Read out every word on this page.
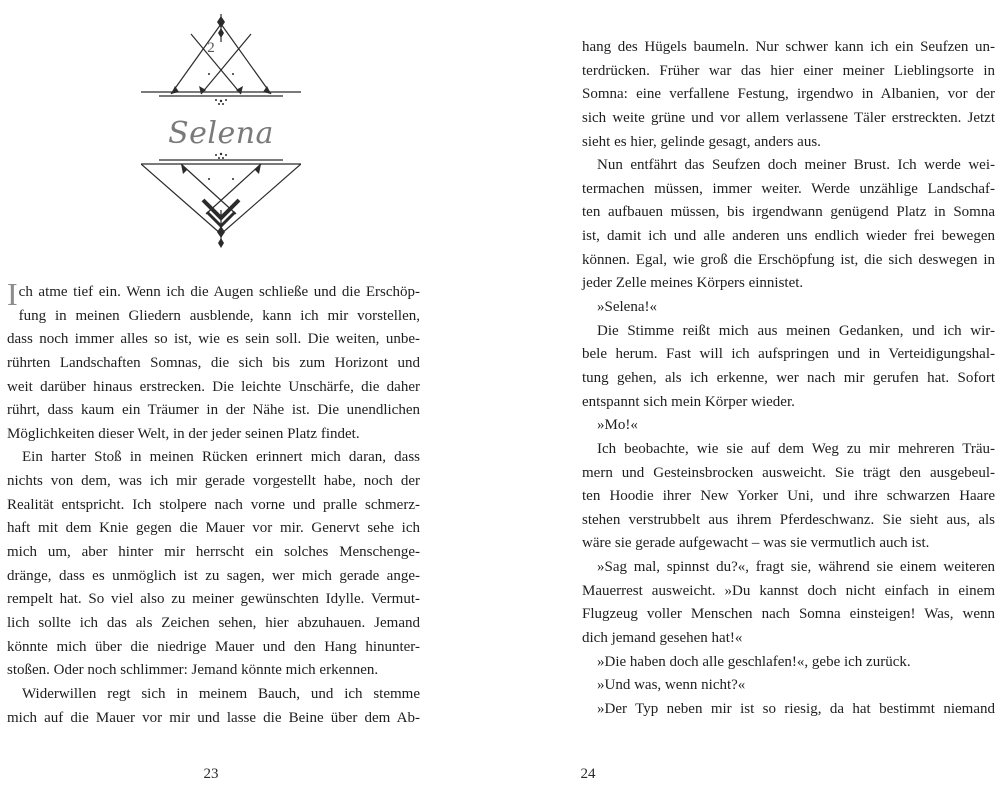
2
Selena
I ch atme tief ein. Wenn ich die Augen schließe und die Erschöp-
fung in meinen Gliedern ausblende, kann ich mir vorstellen,
dass noch immer alles so ist, wie es sein soll. Die weiten, unbe-
rührten Landschaften Somnas, die sich bis zum Horizont und
weit darüber hinaus erstrecken. Die leichte Unschärfe, die daher
rührt, dass kaum ein Träumer in der Nähe ist. Die unendlichen
Möglichkeiten dieser Welt, in der jeder seinen Platz findet.
Ein harter Stoß in meinen Rücken erinnert mich daran, dass
nichts von dem, was ich mir gerade vorgestellt habe, noch der
Realität entspricht. Ich stolpere nach vorne und pralle schmerz-
haft mit dem Knie gegen die Mauer vor mir. Genervt sehe ich
mich um, aber hinter mir herrscht ein solches Menschenge-
dränge, dass es unmöglich ist zu sagen, wer mich gerade ange-
rempelt hat. So viel also zu meiner gewünschten Idylle. Vermut-
lich sollte ich das als Zeichen sehen, hier abzuhauen. Jemand
könnte mich über die niedrige Mauer und den Hang hinunter-
stoßen. Oder noch schlimmer: Jemand könnte mich erkennen.
Widerwillen regt sich in meinem Bauch, und ich stemme
mich auf die Mauer vor mir und lasse die Beine über dem Ab-
23
hang des Hügels baumeln. Nur schwer kann ich ein Seufzen un-
terdrücken. Früher war das hier einer meiner Lieblingsorte in
Somna: eine verfallene Festung, irgendwo in Albanien, vor der
sich weite grüne und vor allem verlassene Täler erstreckten. Jetzt
sieht es hier, gelinde gesagt, anders aus.
Nun entfährt das Seufzen doch meiner Brust. Ich werde wei-
termachen müssen, immer weiter. Werde unzählige Landschaf-
ten aufbauen müssen, bis irgendwann genügend Platz in Somna
ist, damit ich und alle anderen uns endlich wieder frei bewegen
können. Egal, wie groß die Erschöpfung ist, die sich deswegen in
jeder Zelle meines Körpers einnistet.
»Selena!«
Die Stimme reißt mich aus meinen Gedanken, und ich wir-
bele herum. Fast will ich aufspringen und in Verteidigungshal-
tung gehen, als ich erkenne, wer nach mir gerufen hat. Sofort
entspannt sich mein Körper wieder.
»Mo!«
Ich beobachte, wie sie auf dem Weg zu mir mehreren Träu-
mern und Gesteinsbrocken ausweicht. Sie trägt den ausgebeul-
ten Hoodie ihrer New Yorker Uni, und ihre schwarzen Haare
stehen verstrubbelt aus ihrem Pferdeschwanz. Sie sieht aus, als
wäre sie gerade aufgewacht – was sie vermutlich auch ist.
»Sag mal, spinnst du?«, fragt sie, während sie einem weiteren
Mauerrest ausweicht. »Du kannst doch nicht einfach in einem
Flugzeug voller Menschen nach Somna einsteigen! Was, wenn
dich jemand gesehen hat!«
»Die haben doch alle geschlafen!«, gebe ich zurück.
»Und was, wenn nicht?«
»Der Typ neben mir ist so riesig, da hat bestimmt niemand
24
